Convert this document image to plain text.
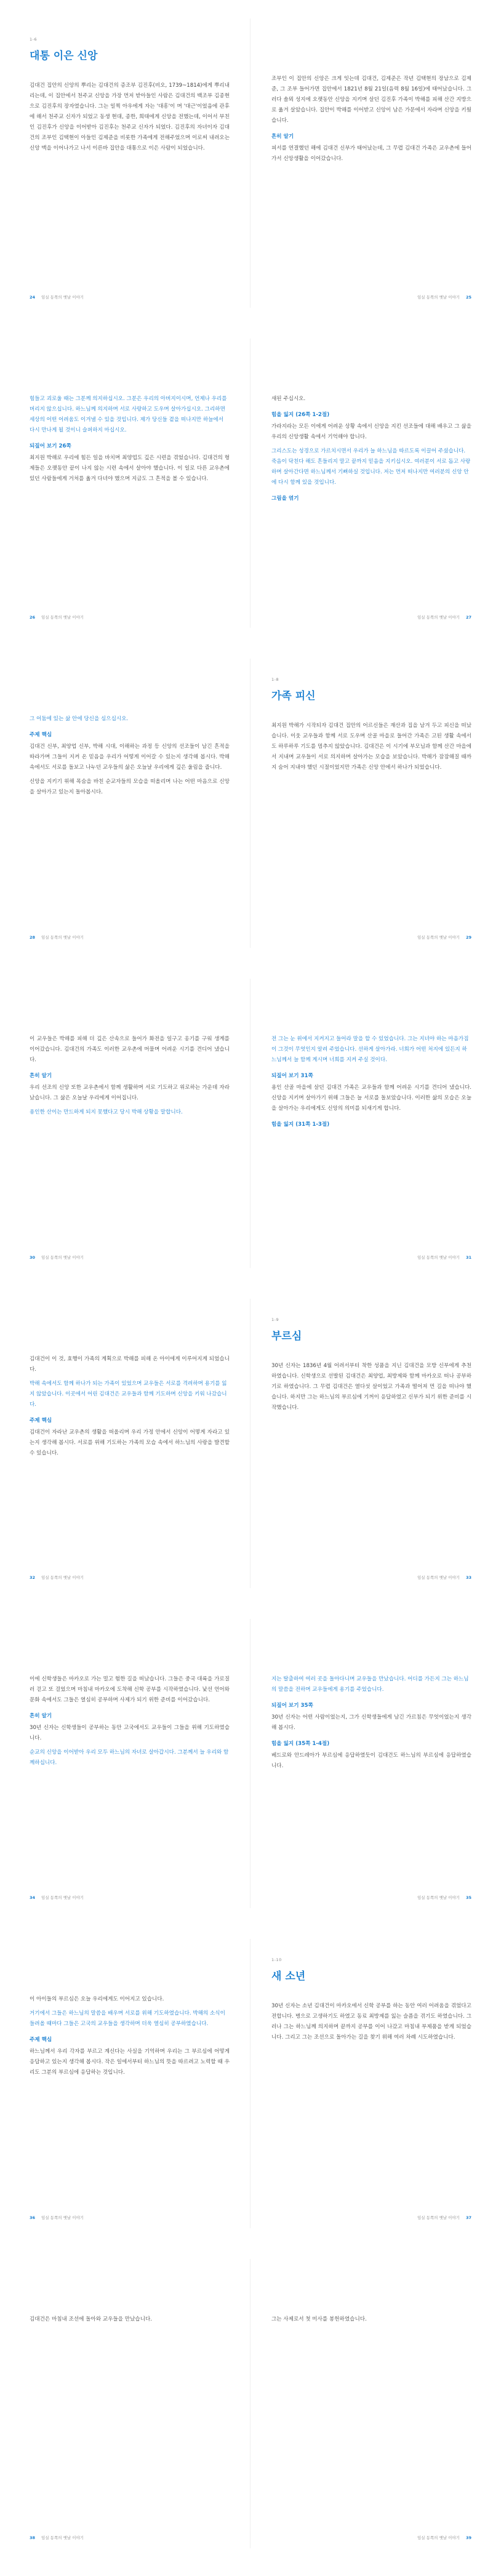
1-6
대통 이은 신앙
김대건 집안의 신앙의 뿌리는 김대건의 증조부 김진후(비오, 1739~1814)에게 뿌리내리는데, 이 집안에서 천주교 신앙을 가장 먼저 받아들인 사람은 김대건의 백조부 김종현으로 김진후의 장자였습니다. 그는 일찍 아우에게 자는 '대흥'이 며 '대근'이었음에 관후에 해서 천주교 신자가 되었고 동생 현대, 종한, 희태에게 신앙을 전했는데, 이어서 부친인 김진후가 신앙을 이어받아 김진후는 천주교 신자가 되었다. 김진후의 자녀이자 김대건의 조부인 김택현이 아들인 김제준을 비롯한 가족에게 전해주었으며 이로써 내려오는 신앙 맥을 이어나가고 나서 이른바 집안을 대통으로 이은 사람이 되었습니다.
24 임실 동쪽의 옛날 이야기
조부인 이 집안의 신앙은 크게 잇는데 김대건, 김제준은 작년 김택현의 장남으로 김제준, 그 조부 들어가면 집안에서 1821년 8월 21일(음력 8월 16일)에 태어났습니다. 그러다 솔뫼 성지에 오랫동안 신앙을 지키며 살던 김진후 가족이 박해를 피해 산간 지방으로 옮겨 살았습니다. 집안이 박해를 이어받고 신앙이 남은 가문에서 자라며 신앙을 키웠습니다.
흔히 알기
피서를 연결했던 해에 김대건 신부가 태어났는데, 그 무렵 김대건 가족은 교우촌에 들어가서 신앙생활을 이어갔습니다.
임실 동쪽의 옛날 이야기 25
힘들고 괴로울 때는 그분께 의지하십시오. 그분은 우리의 아버지이시며, 언제나 우리를 버리지 않으십니다. 하느님께 의지하며 서로 사랑하고 도우며 살아가십시오. 그리하면 세상의 어떤 어려움도 이겨낼 수 있을 것입니다. 제가 당신들 곁을 떠나지만 하늘에서 다시 만나게 될 것이니 슬퍼하지 마십시오.
되짚어 보기 26쪽
최지원 박해로 우리에 힘든 일을 바치며 최양업도 깊은 시련을 겪었습니다. 김대건의 형제들은 오랫동안 끝이 나지 않는 시련 속에서 살아야 했습니다. 이 일로 다른 교우촌에 있던 사람들에게 거처를 옮겨 다녀야 했으며 지금도 그 흔적을 볼 수 있습니다.
26 임실 동쪽의 옛날 이야기
새된 주십시오.
힘을 잃지 (26쪽 1-2절)
가라지라는 모든 이에게 어려운 상황 속에서 신앙을 지킨 선조들에 대해 배우고 그 삶을 우리의 신앙생활 속에서 기억해야 합니다.
그리스도는 성경으로 가르치시면서 우리가 늘 하느님을 따르도록 이끌어 주셨습니다. 죽음이 닥친다 해도 흔들리지 말고 끝까지 믿음을 지키십시오. 여러분이 서로 돕고 사랑하며 살아간다면 하느님께서 기뻐하실 것입니다. 저는 먼저 떠나지만 여러분의 신앙 안에 다시 함께 있을 것입니다.
그림을 엮기
임실 동쪽의 옛날 이야기 27
그 어둠에 있는 삶 안에 당신을 심으십시오.
주제 핵심
김대건 신부, 최양업 신부, 박해 시대, 이해하는 과정 등 신앙의 선조들이 남긴 흔적을 따라가며 그들이 지켜 온 믿음을 우리가 어떻게 이어갈 수 있는지 생각해 봅시다. 박해 속에서도 서로를 돌보고 나누던 교우들의 삶은 오늘날 우리에게 깊은 울림을 줍니다.
신앙을 지키기 위해 목숨을 바친 순교자들의 모습을 떠올리며 나는 어떤 마음으로 신앙을 살아가고 있는지 돌아봅시다.
28 임실 동쪽의 옛날 이야기
1-8
가족 피신
최지원 박해가 시작되자 김대건 집안의 어르신들은 재산과 집을 남겨 두고 피신을 떠났습니다. 이웃 교우들과 함께 서로 도우며 산골 마을로 들어간 가족은 고된 생활 속에서도 하루하루 기도를 멈추지 않았습니다. 김대건은 이 시기에 부모님과 함께 산간 마을에서 지내며 교우들이 서로 의지하며 살아가는 모습을 보았습니다. 박해가 잠잠해질 때까지 숨어 지내야 했던 시절이었지만 가족은 신앙 안에서 하나가 되었습니다.
임실 동쪽의 옛날 이야기 29
이 교우들은 박해를 피해 더 깊은 산속으로 들어가 화전을 일구고 옹기를 구워 생계를 이어갔습니다. 김대건의 가족도 이러한 교우촌에 머물며 어려운 시기를 견디어 냈습니다.
흔히 알기
우리 선조의 신앙 또한 교우촌에서 함께 생활하며 서로 기도하고 위로하는 가운데 자라났습니다. 그 삶은 오늘날 우리에게 이어집니다.
용인한 산이는 만드하게 되지 못했다고 당시 박해 상황을 말합니다.
30 임실 동쪽의 옛날 이야기
전 그는 눈 위에서 지켜지고 들어라 말을 할 수 있었습니다. 그는 지녀야 하는 마음가짐이 그것이 무엇인지 알려 주었습니다. 선하게 살아가라. 너희가 어떤 처지에 있든지 하느님께서 늘 함께 계시며 너희를 지켜 주실 것이다.
되짚어 보기 31쪽
용인 산골 마을에 살던 김대건 가족은 교우들과 함께 어려운 시기를 견디어 냈습니다. 신앙을 지키며 살아가기 위해 그들은 늘 서로를 돌보았습니다. 이러한 삶의 모습은 오늘을 살아가는 우리에게도 신앙의 의미를 되새기게 합니다.
힘을 잃지 (31쪽 1-3절)
임실 동쪽의 옛날 이야기 31
김대건이 이 것, 효행이 가족의 계획으로 박해를 피해 온 아이에게 이루어지게 되었습니다.
박해 속에서도 함께 하나가 되는 가족이 있었으며 교우들은 서로를 격려하며 용기를 잃지 않았습니다. 이곳에서 어린 김대건은 교우들과 함께 기도하며 신앙을 키워 나갔습니다.
주제 핵심
김대건이 자라난 교우촌의 생활을 떠올리며 우리 가정 안에서 신앙이 어떻게 자라고 있는지 생각해 봅시다. 서로를 위해 기도하는 가족의 모습 속에서 하느님의 사랑을 발견할 수 있습니다.
32 임실 동쪽의 옛날 이야기
1-9
부르심
30년 신자는 1836년 4월 어려서부터 착한 성품을 지닌 김대건을 모방 신부에게 추천하였습니다. 신학생으로 선발된 김대건은 최양업, 최방제와 함께 마카오로 떠나 공부하기로 하였습니다. 그 무렵 김대건은 열다섯 살이었고 가족과 떨어져 먼 길을 떠나야 했습니다. 하지만 그는 하느님의 부르심에 기꺼이 응답하였고 신부가 되기 위한 준비를 시작했습니다.
임실 동쪽의 옛날 이야기 33
이에 신학생들은 마카오로 가는 멀고 험한 길을 떠났습니다. 그들은 중국 대륙을 가로질러 걷고 또 걸었으며 마침내 마카오에 도착해 신학 공부를 시작하였습니다. 낯선 언어와 문화 속에서도 그들은 열심히 공부하며 사제가 되기 위한 준비를 이어갔습니다.
흔히 알기
30년 신자는 신학생들이 공부하는 동안 고국에서도 교우들이 그들을 위해 기도하였습니다.
순교의 신앙을 이어받아 우리 모두 하느님의 자녀로 살아갑시다. 그분께서 늘 우리와 함께하십니다.
34 임실 동쪽의 옛날 이야기
지는 탈출하여 여러 곳을 돌아다니며 교우들을 만났습니다. 어디를 가든지 그는 하느님의 말씀을 전하며 교우들에게 용기를 주었습니다.
되짚어 보기 35쪽
30년 신자는 어떤 사람이었는지, 그가 신학생들에게 남긴 가르침은 무엇이었는지 생각해 봅시다.
힘을 잃지 (35쪽 1-4절)
베드로와 안드레아가 부르심에 응답하였듯이 김대건도 하느님의 부르심에 응답하였습니다.
임실 동쪽의 옛날 이야기 35
이 아이들의 부르심은 오늘 우리에게도 이어지고 있습니다.
거기에서 그들은 하느님의 말씀을 배우며 서로를 위해 기도하였습니다. 박해의 소식이 들려올 때마다 그들은 고국의 교우들을 생각하며 더욱 열심히 공부하였습니다.
주제 핵심
하느님께서 우리 각자를 부르고 계신다는 사실을 기억하며 우리는 그 부르심에 어떻게 응답하고 있는지 생각해 봅시다. 작은 일에서부터 하느님의 뜻을 따르려고 노력할 때 우리도 그분의 부르심에 응답하는 것입니다.
36 임실 동쪽의 옛날 이야기
1-10
새 소년
30년 신자는 소년 김대건이 마카오에서 신학 공부를 하는 동안 여러 어려움을 겪었다고 전합니다. 병으로 고생하기도 하였고 동료 최방제를 잃는 슬픔을 겪기도 하였습니다. 그러나 그는 하느님께 의지하며 끝까지 공부를 이어 나갔고 마침내 부제품을 받게 되었습니다. 그리고 그는 조선으로 돌아가는 길을 찾기 위해 여러 차례 시도하였습니다.
임실 동쪽의 옛날 이야기 37
김대건은 마침내 조선에 돌아와 교우들을 만났습니다.
38 임실 동쪽의 옛날 이야기
그는 사제로서 첫 미사를 봉헌하였습니다.
임실 동쪽의 옛날 이야기 39
